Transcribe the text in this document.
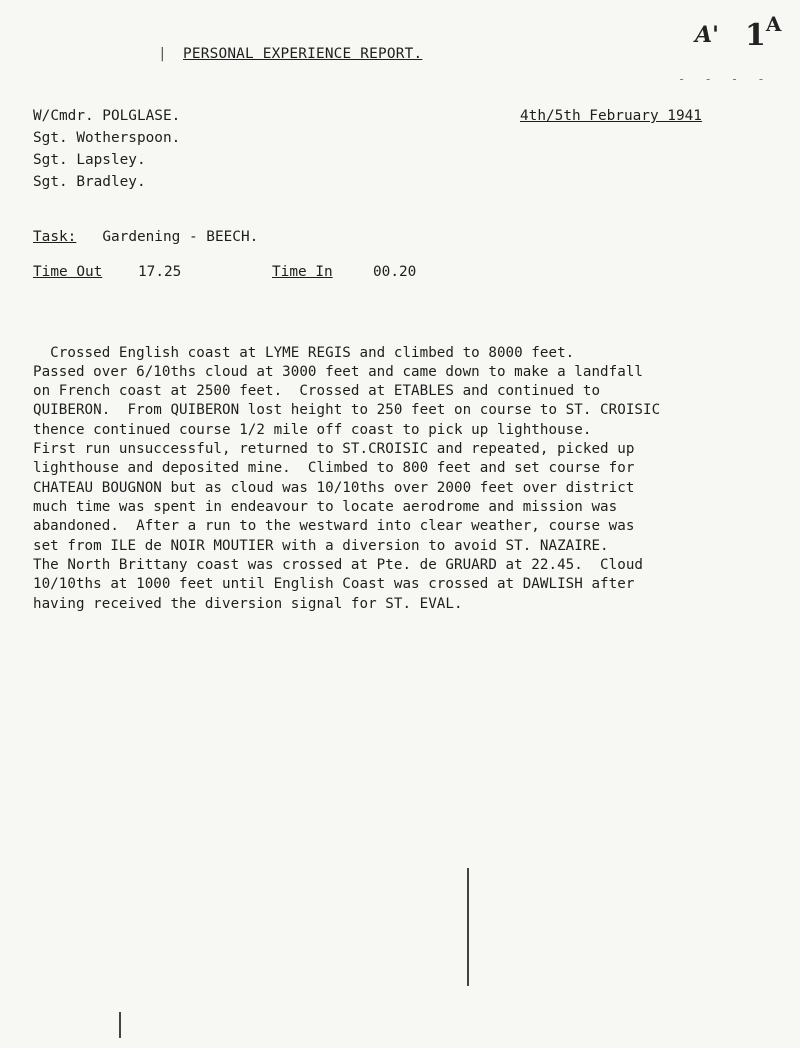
| PERSONAL EXPERIENCE REPORT.
A' $1^A$
- - - -
4th/5th February 1941
W/Cmdr. POLGLASE.
Sgt. Wotherspoon.
Sgt. Lapsley.
Sgt. Bradley.
Task: Gardening - BEECH.
Time Out 17.25	Time In	00.20
Crossed English coast at LYME REGIS and climbed to 8000 feet.
Passed over 6/10ths cloud at 3000 feet and came down to make a landfall
on French coast at 2500 feet.  Crossed at ETABLES and continued to
QUIBERON.  From QUIBERON lost height to 250 feet on course to ST. CROISIC
thence continued course 1/2 mile off coast to pick up lighthouse.
First run unsuccessful, returned to ST.CROISIC and repeated, picked up
lighthouse and deposited mine.  Climbed to 800 feet and set course for
CHATEAU BOUGNON but as cloud was 10/10ths over 2000 feet over district
much time was spent in endeavour to locate aerodrome and mission was
abandoned.  After a run to the westward into clear weather, course was
set from ILE de NOIR MOUTIER with a diversion to avoid ST. NAZAIRE.
The North Brittany coast was crossed at Pte. de GRUARD at 22.45.  Cloud
10/10ths at 1000 feet until English Coast was crossed at DAWLISH after
having received the diversion signal for ST. EVAL.
